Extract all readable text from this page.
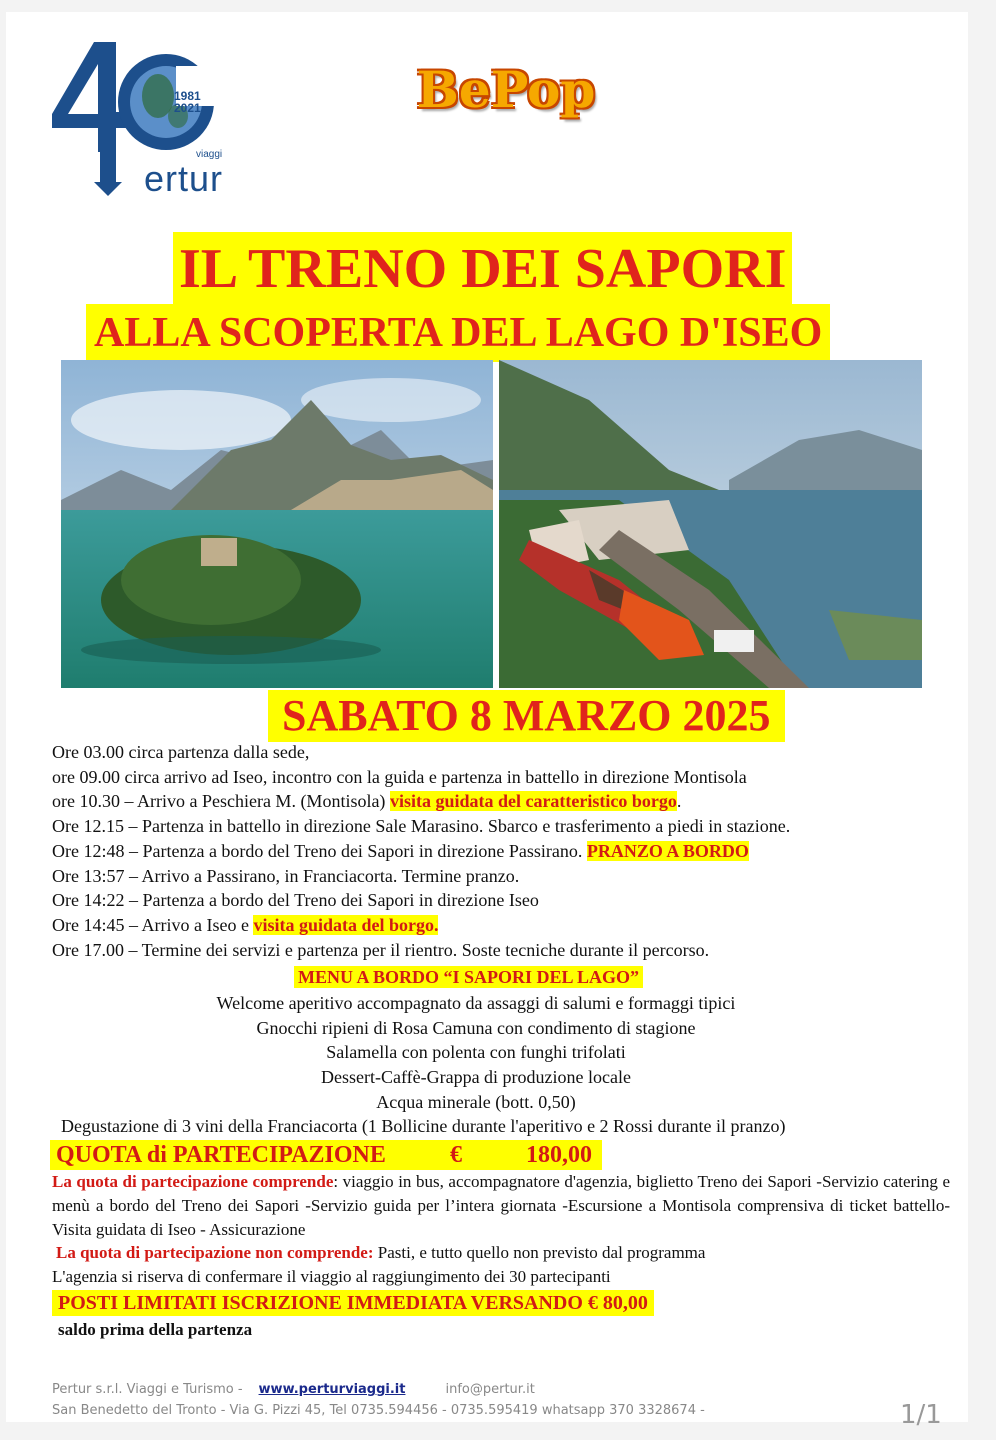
1981
2021
viaggi
ertur
BePop
IL TRENO DEI SAPORI
ALLA SCOPERTA DEL LAGO D'ISEO
SABATO 8 MARZO 2025
Ore 03.00 circa partenza dalla sede,
ore 09.00 circa arrivo ad Iseo, incontro con la guida e partenza in battello in direzione Montisola
ore 10.30 – Arrivo a Peschiera M. (Montisola) visita guidata del caratteristico borgo.
Ore 12.15 – Partenza in battello in direzione Sale Marasino. Sbarco e trasferimento a piedi in stazione.
Ore 12:48 – Partenza a bordo del Treno dei Sapori in direzione Passirano. PRANZO A BORDO
Ore 13:57 – Arrivo a Passirano, in Franciacorta. Termine pranzo.
Ore 14:22 – Partenza a bordo del Treno dei Sapori in direzione Iseo
Ore 14:45 – Arrivo a Iseo e visita guidata del borgo.
Ore 17.00 – Termine dei servizi e partenza per il rientro. Soste tecniche durante il percorso.
MENU A BORDO “I SAPORI DEL LAGO”
Welcome aperitivo accompagnato da assaggi di salumi e formaggi tipici
Gnocchi ripieni di Rosa Camuna con condimento di stagione
Salamella con polenta con funghi trifolati
Dessert-Caffè-Grappa di produzione locale
Acqua minerale (bott. 0,50)
Degustazione di 3 vini della Franciacorta (1 Bollicine durante l'aperitivo e 2 Rossi durante il pranzo)
QUOTA di PARTECIPAZIONE	€	180,00
La quota di partecipazione comprende: viaggio in bus, accompagnatore d'agenzia, biglietto Treno dei Sapori -Servizio catering e menù a bordo del Treno dei Sapori -Servizio guida per l’intera giornata -Escursione a Montisola comprensiva di ticket battello-Visita guidata di Iseo - Assicurazione
La quota di partecipazione non comprende: Pasti, e tutto quello non previsto dal programma
L'agenzia si riserva di confermare il viaggio al raggiungimento dei 30 partecipanti
POSTI LIMITATI ISCRIZIONE IMMEDIATA VERSANDO € 80,00
saldo prima della partenza
Pertur s.r.l. Viaggi e Turismo - www.perturviaggi.it	info@pertur.it
San Benedetto del Tronto - Via G. Pizzi 45, Tel 0735.594456 - 0735.595419 whatsapp 370 3328674 -	1/1
